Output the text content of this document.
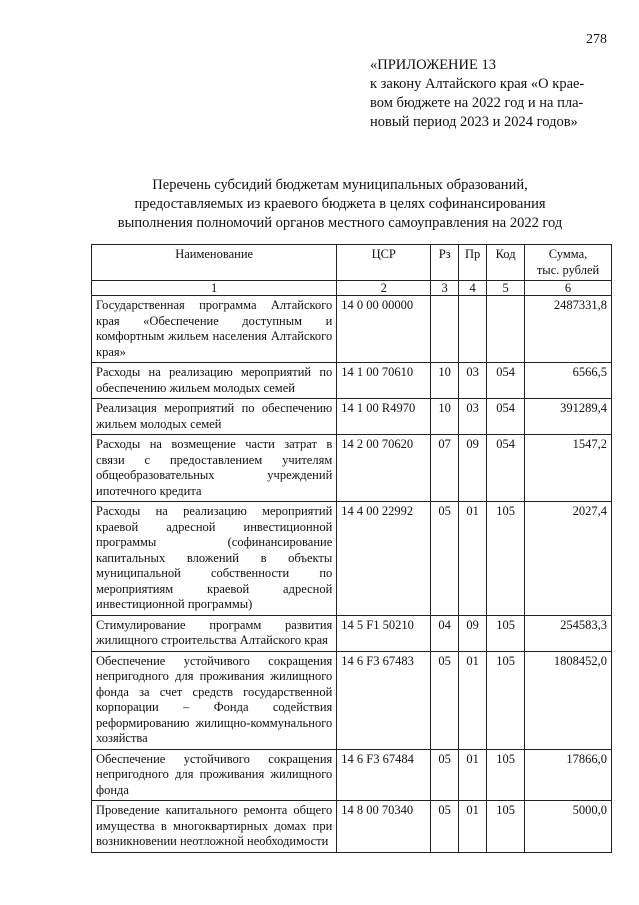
278
«ПРИЛОЖЕНИЕ 13
к закону Алтайского края «О крае-
вом бюджете на 2022 год и на пла-
новый период 2023 и 2024 годов»
Перечень субсидий бюджетам муниципальных образований,
предоставляемых из краевого бюджета в целях софинансирования
выполнения полномочий органов местного самоуправления на 2022 год
Наименование	ЦСР	Рз	Пр	Код	Сумма,
тыс. рублей

1	2	3	4	5	6
Государственная программа Алтайского края «Обеспечение доступным и комфортным жильем населения Алтайского края»	14 0 00 00000				2487331,8
Расходы на реализацию мероприятий по обеспечению жильем молодых семей	14 1 00 70610	10	03	054	6566,5
Реализация мероприятий по обеспечению жильем молодых семей	14 1 00 R4970	10	03	054	391289,4
Расходы на возмещение части затрат в связи с предоставлением учителям общеобразовательных учреждений ипотечного кредита	14 2 00 70620	07	09	054	1547,2
Расходы на реализацию мероприятий краевой адресной инвестиционной программы (софинансирование капитальных вложений в объекты муниципальной собственности по мероприятиям краевой адресной инвестиционной программы)	14 4 00 22992	05	01	105	2027,4
Стимулирование программ развития жилищного строительства Алтайского края	14 5 F1 50210	04	09	105	254583,3
Обеспечение устойчивого сокращения непригодного для проживания жилищного фонда за счет средств государственной корпорации – Фонда содействия реформированию жилищно-коммунального хозяйства	14 6 F3 67483	05	01	105	1808452,0
Обеспечение устойчивого сокращения непригодного для проживания жилищного фонда	14 6 F3 67484	05	01	105	17866,0
Проведение капитального ремонта общего имущества в многоквартирных домах при возникновении неотложной необходимости	14 8 00 70340	05	01	105	5000,0
